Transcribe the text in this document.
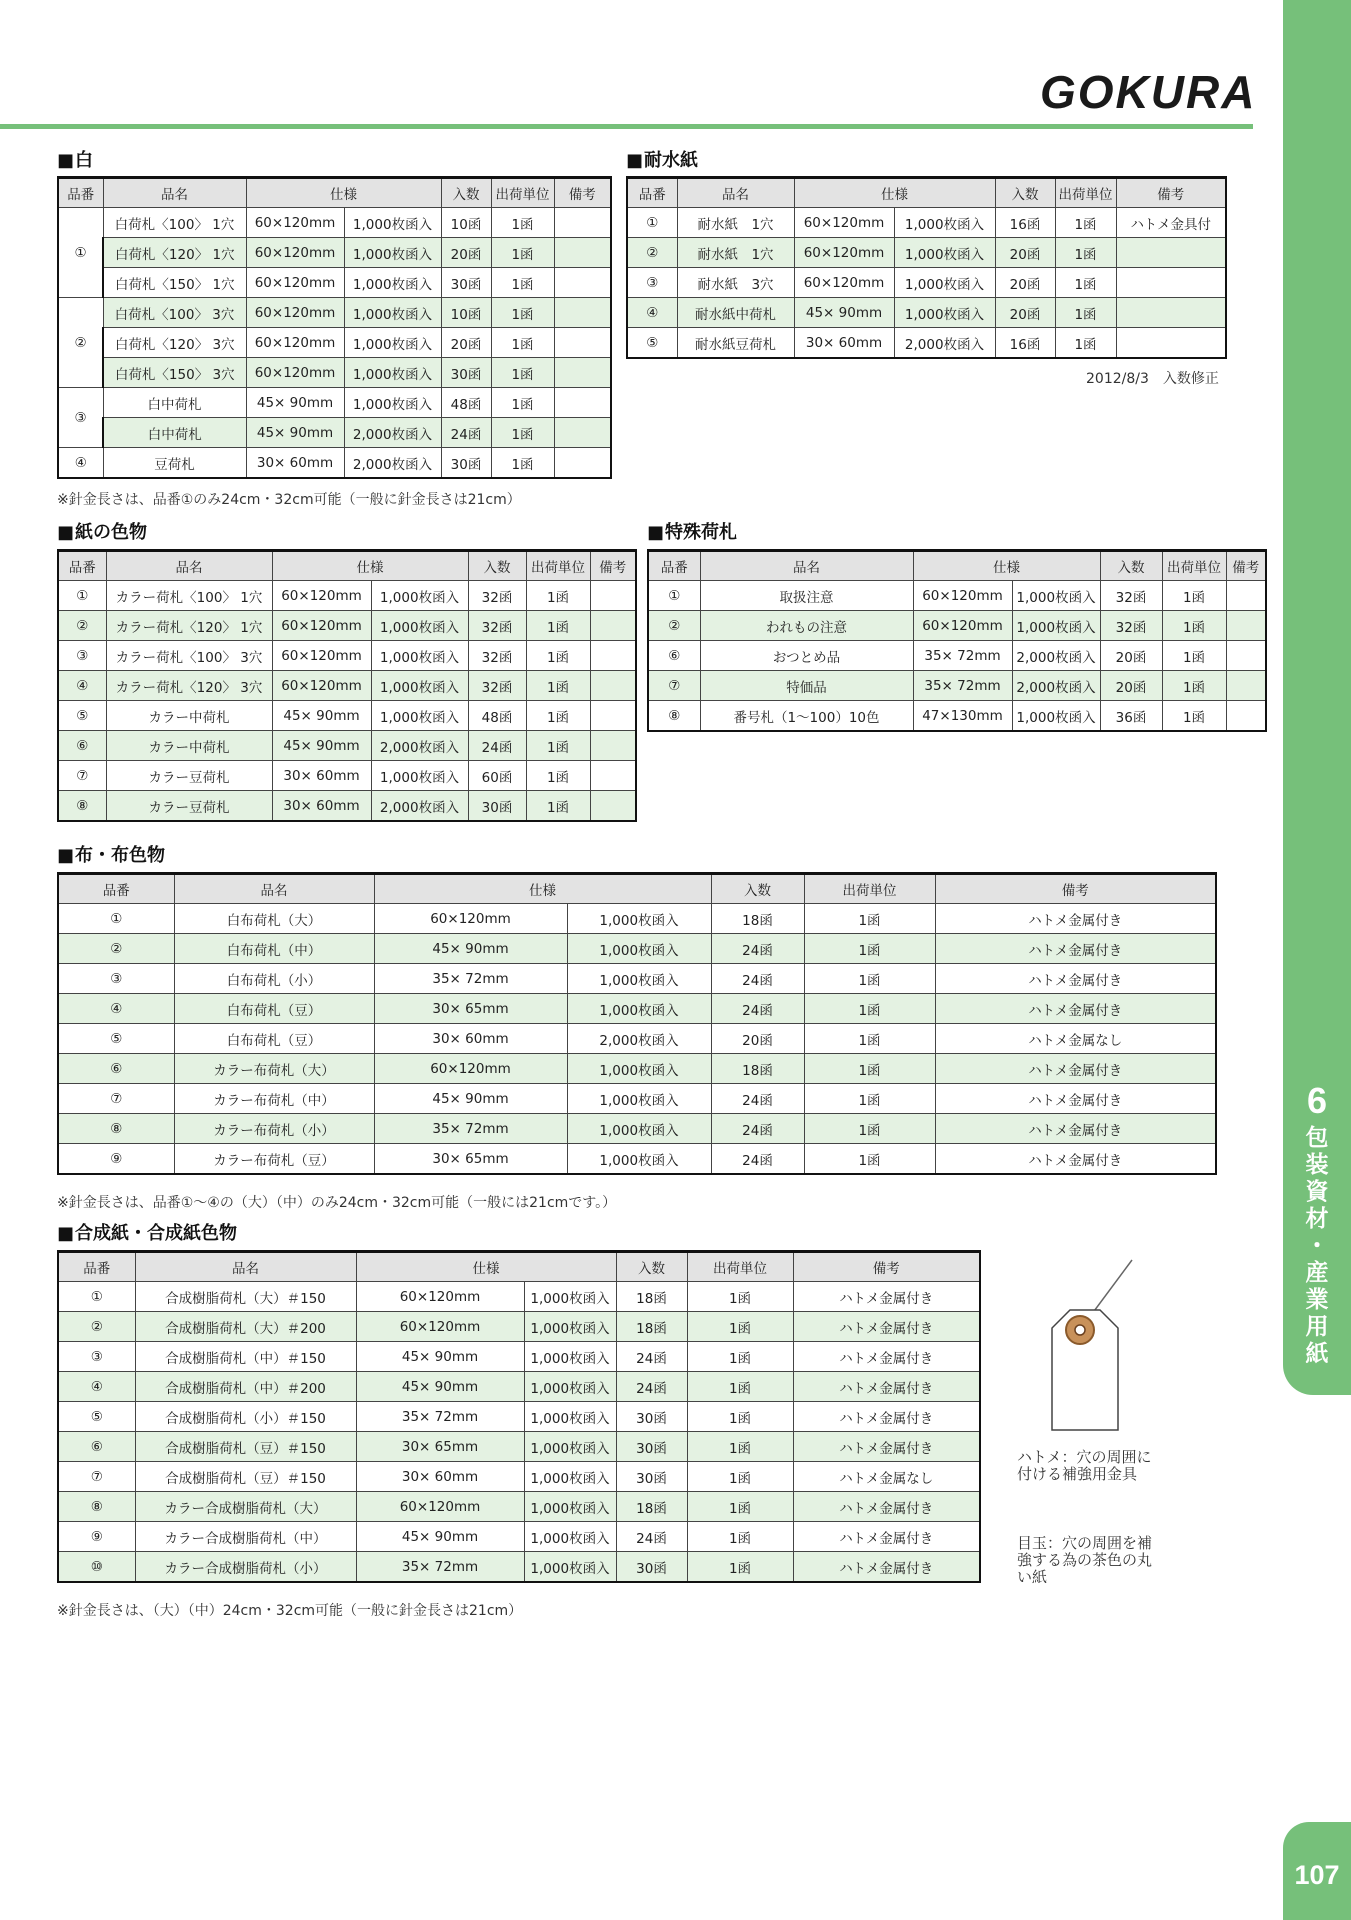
6
包
装
資
材
・
産
業
用
紙
107
GOKURA
■ 白
品番	品名	仕様		入数	出荷単位	備考
①	白荷札〈100〉 1穴	60×120mm	1,000枚函入	10函	1函	
	白荷札〈120〉 1穴	60×120mm	1,000枚函入	20函	1函	
	白荷札〈150〉 1穴	60×120mm	1,000枚函入	30函	1函	
②	白荷札〈100〉 3穴	60×120mm	1,000枚函入	10函	1函	
	白荷札〈120〉 3穴	60×120mm	1,000枚函入	20函	1函	
	白荷札〈150〉 3穴	60×120mm	1,000枚函入	30函	1函	
③	白中荷札	45× 90mm	1,000枚函入	48函	1函	
	白中荷札	45× 90mm	2,000枚函入	24函	1函	
④	豆荷札	30× 60mm	2,000枚函入	30函	1函	
※針金長さは、品番①のみ24cm・32cm可能（一般に針金長さは21cm）
■ 耐水紙
品番	品名	仕様		入数	出荷単位	備考
①	耐水紙　1穴	60×120mm	1,000枚函入	16函	1函	ハトメ金具付
②	耐水紙　1穴	60×120mm	1,000枚函入	20函	1函	
③	耐水紙　3穴	60×120mm	1,000枚函入	20函	1函	
④	耐水紙中荷札	45× 90mm	1,000枚函入	20函	1函	
⑤	耐水紙豆荷札	30× 60mm	2,000枚函入	16函	1函	
2012/8/3　入数修正
■ 紙の色物
品番	品名	仕様		入数	出荷単位	備考
①	カラー荷札〈100〉 1穴	60×120mm	1,000枚函入	32函	1函	
②	カラー荷札〈120〉 1穴	60×120mm	1,000枚函入	32函	1函	
③	カラー荷札〈100〉 3穴	60×120mm	1,000枚函入	32函	1函	
④	カラー荷札〈120〉 3穴	60×120mm	1,000枚函入	32函	1函	
⑤	カラー中荷札	45× 90mm	1,000枚函入	48函	1函	
⑥	カラー中荷札	45× 90mm	2,000枚函入	24函	1函	
⑦	カラー豆荷札	30× 60mm	1,000枚函入	60函	1函	
⑧	カラー豆荷札	30× 60mm	2,000枚函入	30函	1函	
■ 特殊荷札
品番	品名	仕様		入数	出荷単位	備考
①	取扱注意	60×120mm	1,000枚函入	32函	1函	
②	われもの注意	60×120mm	1,000枚函入	32函	1函	
⑥	おつとめ品	35× 72mm	2,000枚函入	20函	1函	
⑦	特価品	35× 72mm	2,000枚函入	20函	1函	
⑧	番号札（1〜100）10色	47×130mm	1,000枚函入	36函	1函	
■ 布・布色物
品番	品名	仕様		入数	出荷単位	備考
①	白布荷札（大）	60×120mm	1,000枚函入	18函	1函	ハトメ金属付き
②	白布荷札（中）	45× 90mm	1,000枚函入	24函	1函	ハトメ金属付き
③	白布荷札（小）	35× 72mm	1,000枚函入	24函	1函	ハトメ金属付き
④	白布荷札（豆）	30× 65mm	1,000枚函入	24函	1函	ハトメ金属付き
⑤	白布荷札（豆）	30× 60mm	2,000枚函入	20函	1函	ハトメ金属なし
⑥	カラー布荷札（大）	60×120mm	1,000枚函入	18函	1函	ハトメ金属付き
⑦	カラー布荷札（中）	45× 90mm	1,000枚函入	24函	1函	ハトメ金属付き
⑧	カラー布荷札（小）	35× 72mm	1,000枚函入	24函	1函	ハトメ金属付き
⑨	カラー布荷札（豆）	30× 65mm	1,000枚函入	24函	1函	ハトメ金属付き
※針金長さは、品番①〜④の（大）（中）のみ24cm・32cm可能（一般には21cmです。）
■ 合成紙・合成紙色物
品番	品名	仕様		入数	出荷単位	備考
①	合成樹脂荷札（大）＃150	60×120mm	1,000枚函入	18函	1函	ハトメ金属付き
②	合成樹脂荷札（大）＃200	60×120mm	1,000枚函入	18函	1函	ハトメ金属付き
③	合成樹脂荷札（中）＃150	45× 90mm	1,000枚函入	24函	1函	ハトメ金属付き
④	合成樹脂荷札（中）＃200	45× 90mm	1,000枚函入	24函	1函	ハトメ金属付き
⑤	合成樹脂荷札（小）＃150	35× 72mm	1,000枚函入	30函	1函	ハトメ金属付き
⑥	合成樹脂荷札（豆）＃150	30× 65mm	1,000枚函入	30函	1函	ハトメ金属付き
⑦	合成樹脂荷札（豆）＃150	30× 60mm	1,000枚函入	30函	1函	ハトメ金属なし
⑧	カラー合成樹脂荷札（大）	60×120mm	1,000枚函入	18函	1函	ハトメ金属付き
⑨	カラー合成樹脂荷札（中）	45× 90mm	1,000枚函入	24函	1函	ハトメ金属付き
⑩	カラー合成樹脂荷札（小）	35× 72mm	1,000枚函入	30函	1函	ハトメ金属付き
※針金長さは、（大）（中）24cm・32cm可能（一般に針金長さは21cm）
ハトメ：穴の周囲に付ける補強用金具
目玉：穴の周囲を補強する為の茶色の丸い紙
